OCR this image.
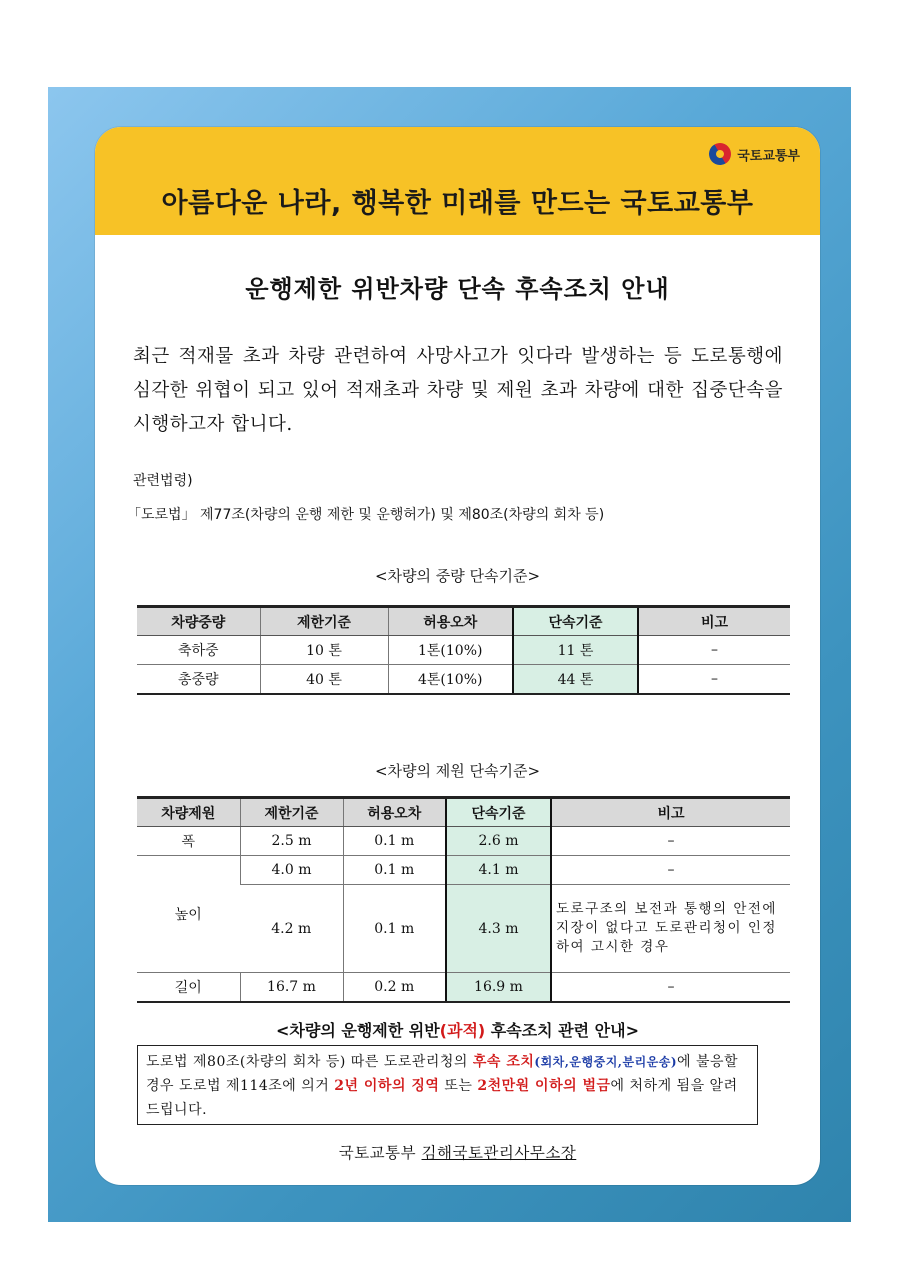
국토교통부
아름다운 나라, 행복한 미래를 만드는 국토교통부
운행제한 위반차량 단속 후속조치 안내
최근 적재물 초과 차량 관련하여 사망사고가 잇다라 발생하는 등 도로통행에 심각한 위협이 되고 있어 적재초과 차량 및 제원 초과 차량에 대한 집중단속을 시행하고자 합니다.
관련법령)
「도로법」 제77조(차량의 운행 제한 및 운행허가) 및 제80조(차량의 회차 등)
<차량의 중량 단속기준>
차량중량	제한기준	허용오차	단속기준	비고
축하중	10 톤	1톤(10%)	11 톤	–
총중량	40 톤	4톤(10%)	44 톤	–
<차량의 제원 단속기준>
차량제원	제한기준	허용오차	단속기준	비고
폭	2.5 m	0.1 m	2.6 m	–
높이	4.0 m	0.1 m	4.1 m	–
	4.2 m	0.1 m	4.3 m	도로구조의 보전과 통행의 안전에 지장이 없다고 도로관리청이 인정하여 고시한 경우
길이	16.7 m	0.2 m	16.9 m	–
<차량의 운행제한 위반(과적) 후속조치 관련 안내>
도로법 제80조(차량의 회차 등) 따른 도로관리청의 후속 조치(회차,운행중지,분리운송)에 불응할 경우 도로법 제114조에 의거 2년 이하의 징역 또는 2천만원 이하의 벌금에 처하게 됨을 알려드립니다.
국토교통부 김해국토관리사무소장
